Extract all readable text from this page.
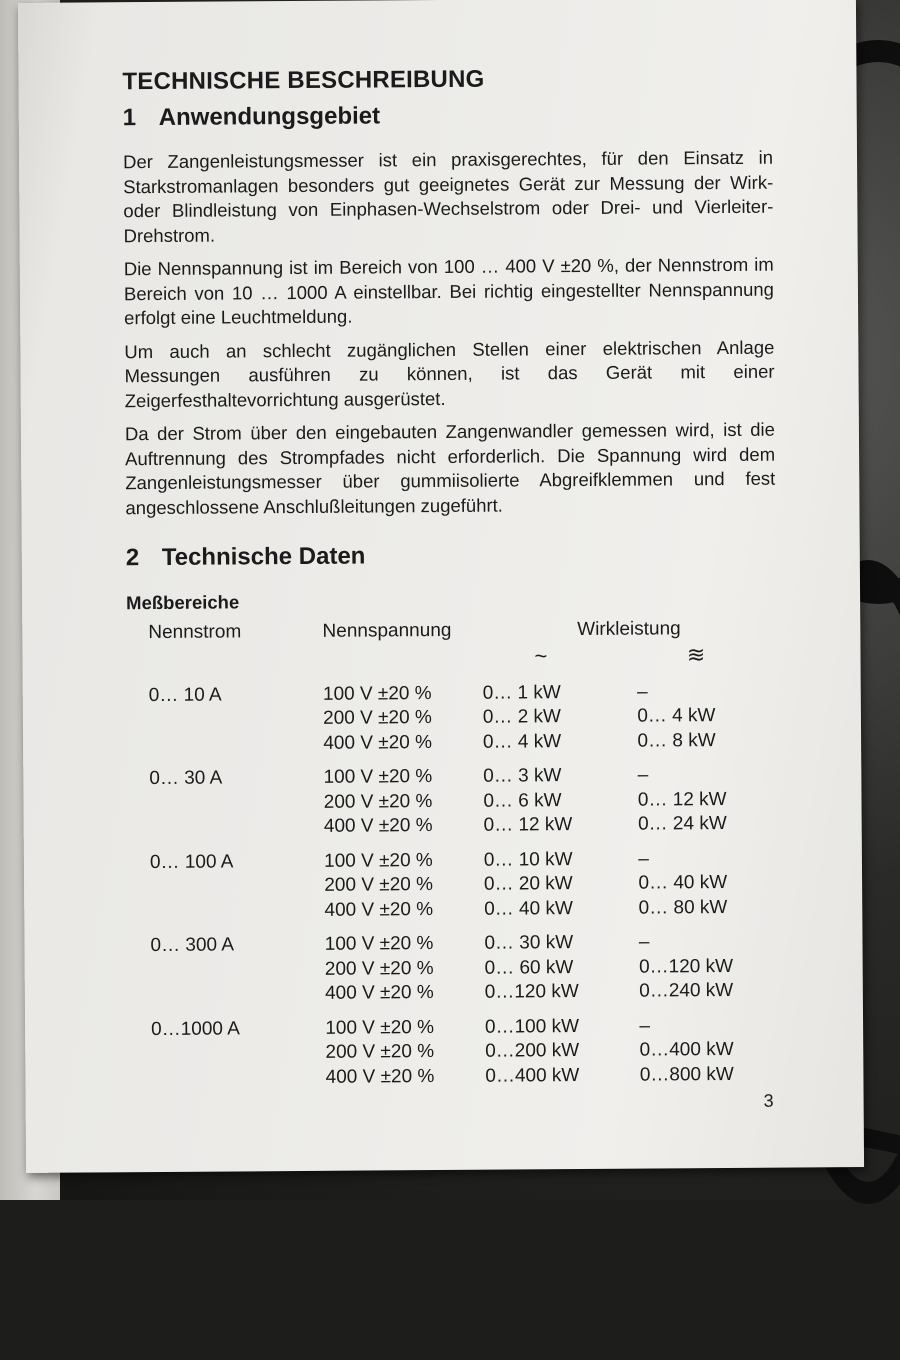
TECHNISCHE BESCHREIBUNG
1 Anwendungsgebiet

Der Zangenleistungsmesser ist ein praxisgerechtes, für den Einsatz in Starkstromanlagen besonders gut geeignetes Gerät zur Messung der Wirk- oder Blindleistung von Einphasen-Wechselstrom oder Drei- und Vierleiter-Drehstrom.

Die Nennspannung ist im Bereich von 100 … 400 V ±20 %, der Nennstrom im Bereich von 10 … 1000 A einstellbar. Bei richtig eingestellter Nennspannung erfolgt eine Leuchtmeldung.

Um auch an schlecht zugänglichen Stellen einer elektrischen Anlage Messungen ausführen zu können, ist das Gerät mit einer Zeigerfesthaltevorrichtung ausgerüstet.

Da der Strom über den eingebauten Zangenwandler gemessen wird, ist die Auftrennung des Strompfades nicht erforderlich. Die Spannung wird dem Zangenleistungsmesser über gummiisolierte Abgreifklemmen und fest angeschlossene Anschlußleitungen zugeführt.

2 Technische Daten
Meßbereiche
Nennstrom	Nennspannung	Wirkleistung	
		~	≋

0… 10 A	100 V ±20 %	0… 1 kW	–
	200 V ±20 %	0… 2 kW	0… 4 kW
	400 V ±20 %	0… 4 kW	0… 8 kW

0… 30 A	100 V ±20 %	0… 3 kW	–
	200 V ±20 %	0… 6 kW	0… 12 kW
	400 V ±20 %	0… 12 kW	0… 24 kW

0… 100 A	100 V ±20 %	0… 10 kW	–
	200 V ±20 %	0… 20 kW	0… 40 kW
	400 V ±20 %	0… 40 kW	0… 80 kW

0… 300 A	100 V ±20 %	0… 30 kW	–
	200 V ±20 %	0… 60 kW	0…120 kW
	400 V ±20 %	0…120 kW	0…240 kW

0…1000 A	100 V ±20 %	0…100 kW	–
	200 V ±20 %	0…200 kW	0…400 kW
	400 V ±20 %	0…400 kW	0…800 kW
3
